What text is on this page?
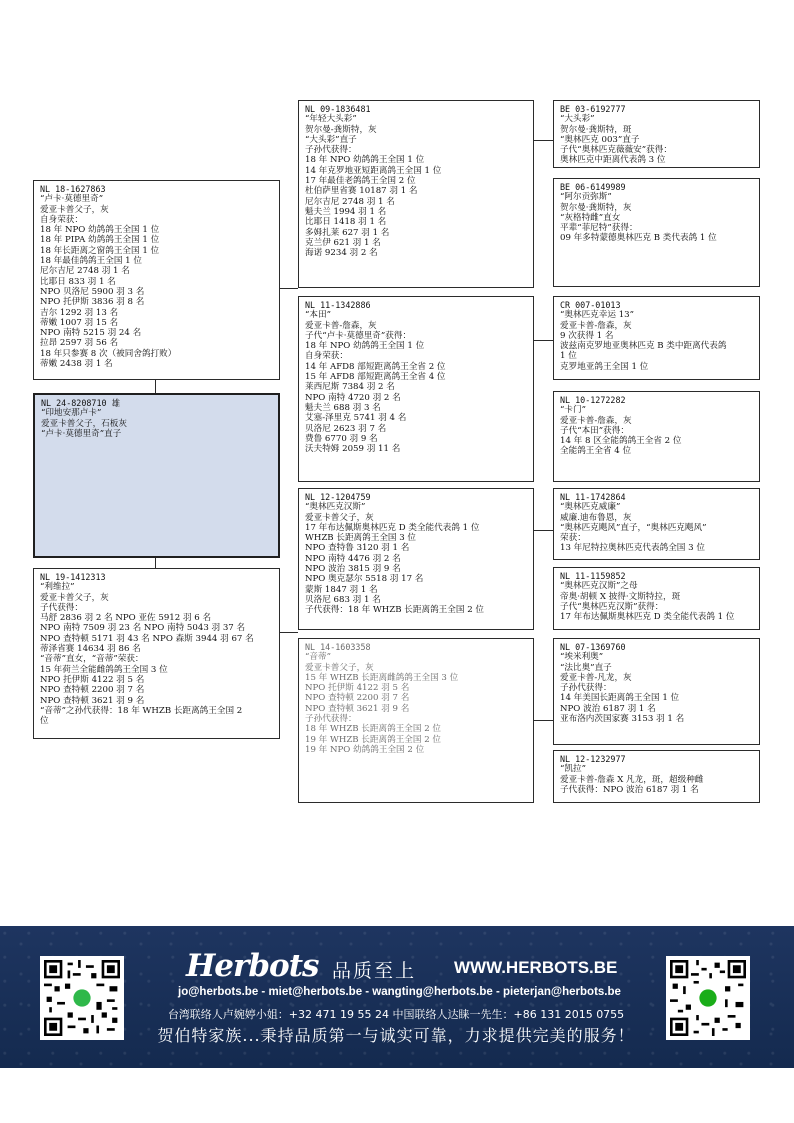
NL 18-1627863
“卢卡·莫德里奇”
爱亚卡普父子，灰
自身荣获：
18 年 NPO 幼鸽鸽王全国 1 位
18 年 PIPA 幼鸽鸽王全国 1 位
18 年长距离之窗鸽王全国 1 位
18 年最佳鸽鸽王全国 1 位
尼尔吉尼 2748 羽 1 名
比耶日 833 羽 1 名
NPO 贝洛尼 5900 羽 3 名
NPO 托伊斯 3836 羽 8 名
吉尔 1292 羽 13 名
蒂嫩 1007 羽 15 名
NPO 南特 5215 羽 24 名
拉昂 2597 羽 56 名
18 年只参赛 8 次（被同舍鸽打败）
蒂嫩 2438 羽 1 名
NL 24-8208710 雄
“印地安那卢卡”
爱亚卡普父子，石板灰
“卢卡·莫德里奇”直子
NL 19-1412313
“利维拉”
爱亚卡普父子，灰
子代获得：
马舒 2836 羽 2 名 NPO 亚佐 5912 羽 6 名
NPO 南特 7509 羽 23 名 NPO 南特 5043 羽 37 名
NPO 查特顿 5171 羽 43 名 NPO 森斯 3944 羽 67 名
蒂泽省赛 14634 羽 86 名
“音蒂”直女，“音蒂”荣获：
15 年荷兰全能雌鸽鸽王全国 3 位
NPO 托伊斯 4122 羽 5 名
NPO 查特顿 2200 羽 7 名
NPO 查特顿 3621 羽 9 名
“音蒂”之孙代获得：18 年 WHZB 长距离鸽王全国 2
位
NL 09-1836481
“年轻大头彩”
贺尔曼-龚斯特，灰
“大头彩”直子
子孙代获得：
18 年 NPO 幼鸽鸽王全国 1 位
14 年克罗地亚短距离鸽王全国 1 位
17 年最佳老鸽鸽王全国 2 位
杜伯萨里省赛 10187 羽 1 名
尼尔吉尼 2748 羽 1 名
魁夫兰 1994 羽 1 名
比耶日 1418 羽 1 名
多姆扎莱 627 羽 1 名
克兰伊 621 羽 1 名
海诺 9234 羽 2 名
NL 11-1342886
“本田”
爱亚卡普-詹森，灰
子代“卢卡·莫德里奇”获得：
18 年 NPO 幼鸽鸽王全国 1 位
自身荣获：
14 年 AFD8 部短距离鸽王全省 2 位
15 年 AFD8 部短距离鸽王全省 4 位
莱西尼斯 7384 羽 2 名
NPO 南特 4720 羽 2 名
魁夫兰 688 羽 3 名
艾塞-泽里克 5741 羽 4 名
贝洛尼 2623 羽 7 名
费鲁 6770 羽 9 名
沃夫特姆 2059 羽 11 名
NL 12-1204759
“奥林匹克汉斯”
爱亚卡普父子，灰
17 年布达佩斯奥林匹克 D 类全能代表鸽 1 位
WHZB 长距离鸽王全国 3 位
NPO 查特鲁 3120 羽 1 名
NPO 南特 4476 羽 2 名
NPO 波治 3815 羽 9 名
NPO 奥克瑟尔 5518 羽 17 名
蒙斯 1847 羽 1 名
贝洛尼 683 羽 1 名
子代获得：18 年 WHZB 长距离鸽王全国 2 位
NL 14-1603358
“音蒂”
爱亚卡普父子，灰
15 年 WHZB 长距离雌鸽鸽王全国 3 位
NPO 托伊斯 4122 羽 5 名
NPO 查特顿 2200 羽 7 名
NPO 查特顿 3621 羽 9 名
子孙代获得：
18 年 WHZB 长距离鸽王全国 2 位
19 年 WHZB 长距离鸽王全国 2 位
19 年 NPO 幼鸽鸽王全国 2 位
BE 03-6192777
“大头彩”
贺尔曼·龚斯特，斑
“奥林匹克 003”直子
子代“奥林匹克薇薇安”获得：
奥林匹克中距离代表鸽 3 位
BE 06-6149989
“阿尔贡弥斯”
贺尔曼·龚斯特，灰
“灰格特雌”直女
平辈“菲尼特”获得：
09 年多特蒙德奥林匹克 B 类代表鸽 1 位
CR 007-01013
“奥林匹克幸运 13”
爱亚卡普-詹森，灰
9 次获得 1 名
波兹南克罗地亚奥林匹克 B 类中距离代表鸽
1 位
克罗地亚鸽王全国 1 位
NL 10-1272282
“卡门”
爱亚卡普-詹森，灰
子代“本田”获得：
14 年 8 区全能鸽鸽王全省 2 位
全能鸽王全省 4 位
NL 11-1742864
“奥林匹克威廉”
威廉.迪布鲁恩，灰
“奥林匹克飓风”直子，“奥林匹克飓风”
荣获：
13 年尼特拉奥林匹克代表鸽全国 3 位
NL 11-1159852
“奥林匹克汉斯”之母
帝奥·胡顿 X 披得·文斯特拉，斑
子代“奥林匹克汉斯”获得：
17 年布达佩斯奥林匹克 D 类全能代表鸽 1 位
NL 07-1369760
“埃米利奥”
“法比奥”直子
爱亚卡普-凡龙，灰
子孙代获得：
14 年美国长距离鸽王全国 1 位
NPO 波治 6187 羽 1 名
亚布洛内茨国家赛 3153 羽 1 名
NL 12-1232977
“凯拉”
爱亚卡普-詹森 X 凡龙，斑，超级种雌
子代获得：NPO 波治 6187 羽 1 名
Herbots 品质至上 WWW.HERBOTS.BE
jo@herbots.be - miet@herbots.be - wangting@herbots.be - pieterjan@herbots.be
台湾联络人卢婉婷小姐：+32 471 19 55 24 中国联络人达睐一先生：+86 131 2015 0755
贺伯特家族...秉持品质第一与诚实可靠，力求提供完美的服务！
